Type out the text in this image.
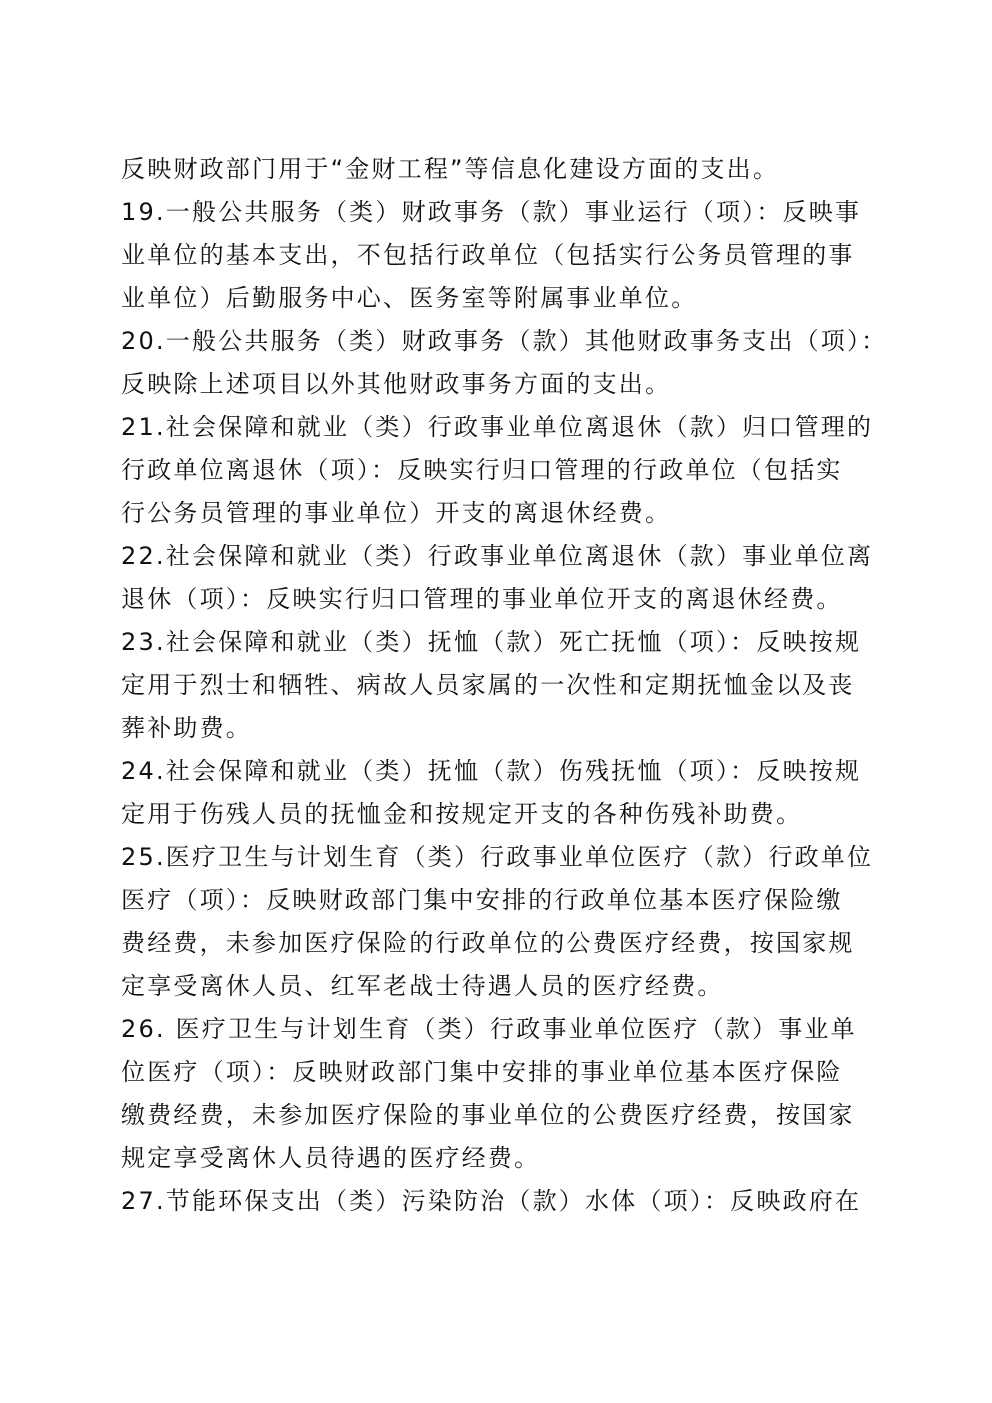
反映财政部门用于“金财工程”等信息化建设方面的支出。
19.一般公共服务（类）财政事务（款）事业运行（项）：反映事
业单位的基本支出，不包括行政单位（包括实行公务员管理的事
业单位）后勤服务中心、医务室等附属事业单位。
20.一般公共服务（类）财政事务（款）其他财政事务支出（项）：
反映除上述项目以外其他财政事务方面的支出。
21.社会保障和就业（类）行政事业单位离退休（款）归口管理的
行政单位离退休（项）：反映实行归口管理的行政单位（包括实
行公务员管理的事业单位）开支的离退休经费。
22.社会保障和就业（类）行政事业单位离退休（款）事业单位离
退休（项）：反映实行归口管理的事业单位开支的离退休经费。
23.社会保障和就业（类）抚恤（款）死亡抚恤（项）：反映按规
定用于烈士和牺牲、病故人员家属的一次性和定期抚恤金以及丧
葬补助费。
24.社会保障和就业（类）抚恤（款）伤残抚恤（项）：反映按规
定用于伤残人员的抚恤金和按规定开支的各种伤残补助费。
25.医疗卫生与计划生育（类）行政事业单位医疗（款）行政单位
医疗（项）：反映财政部门集中安排的行政单位基本医疗保险缴
费经费，未参加医疗保险的行政单位的公费医疗经费，按国家规
定享受离休人员、红军老战士待遇人员的医疗经费。
26. 医疗卫生与计划生育（类）行政事业单位医疗（款）事业单
位医疗（项）：反映财政部门集中安排的事业单位基本医疗保险
缴费经费，未参加医疗保险的事业单位的公费医疗经费，按国家
规定享受离休人员待遇的医疗经费。
27.节能环保支出（类）污染防治（款）水体（项）：反映政府在
